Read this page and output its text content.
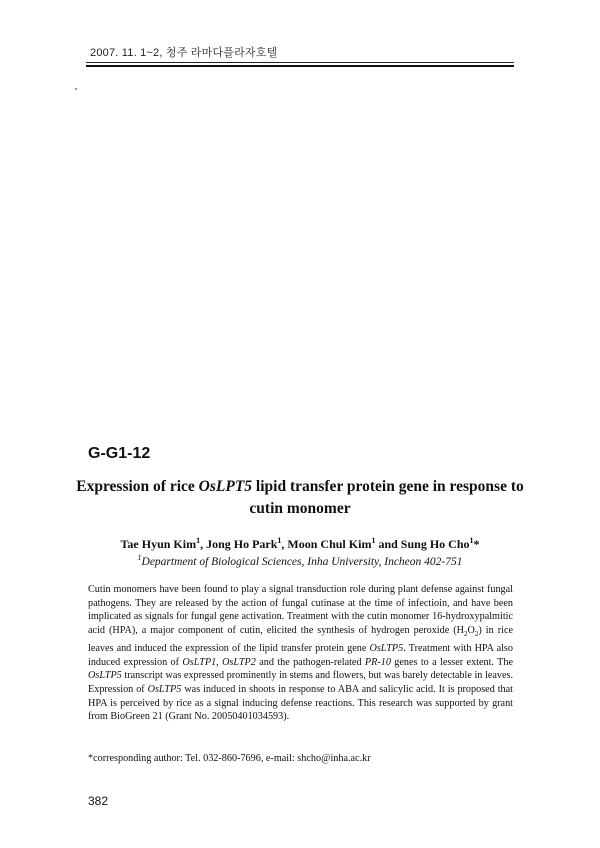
2007. 11. 1~2, 청주 라마다플라자호텔
G-G1-12
Expression of rice OsLPT5 lipid transfer protein gene in response to
cutin monomer
Tae Hyun Kim$^1$, Jong Ho Park$^1$, Moon Chul Kim$^1$ and Sung Ho Cho$^1$*
$^1$Department of Biological Sciences, Inha University, Incheon 402-751

Cutin monomers have been found to play a signal transduction role during plant defense against fungal pathogens. They are released by the action of fungal cutinase at the time of infectioin, and have been implicated as signals for fungal gene activation. Treatment with the cutin monomer 16-hydroxypalmitic acid (HPA), a major component of cutin, elicited the synthesis of hydrogen peroxide $(H_2O_2)$ in rice leaves and induced the expression of the lipid transfer protein gene OsLTP5. Treatment with HPA also induced expression of OsLTP1, OsLTP2 and the pathogen-related PR-10 genes to a lesser extent. The OsLTP5 transcript was expressed prominently in stems and flowers, but was barely detectable in leaves. Expression of OsLTP5 was induced in shoots in response to ABA and salicylic acid. It is proposed that HPA is perceived by rice as a signal inducing defense reactions. This research was supported by grant from BioGreen 21 (Grant No. 20050401034593).

*corresponding author: Tel. 032-860-7696, e-mail: shcho@inha.ac.kr
382
